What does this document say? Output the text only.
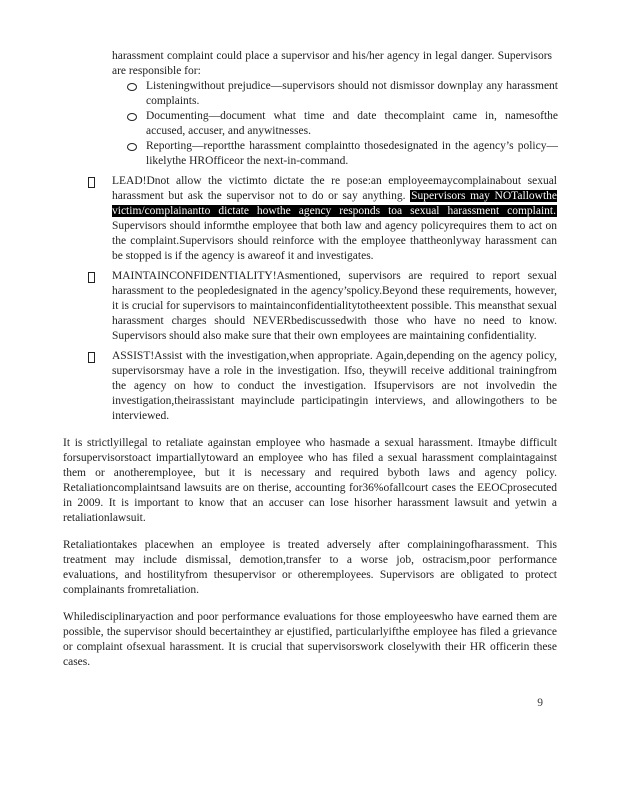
harassment complaint could place a supervisor and his/her agency in legal danger. Supervisors are responsible for:

Listeningwithout prejudice—supervisors should not dismissor downplay any harassment complaints.
Documenting—document what time and date thecomplaint came in, namesofthe accused, accuser, and anywitnesses.
Reporting—reportthe harassment complaintto thosedesignated in the agency’s policy—likelythe HROfficeor the next-in-command.
LEAD!Dnot allow the victimto dictate the re pose:an employeemaycomplainabout sexual harassment but ask the supervisor not to do or say anything. Supervisors may NOTallowthe victim/complainantto dictate howthe agency responds toa sexual harassment complaint. Supervisors should informthe employee that both law and agency policyrequires them to act on the complaint.Supervisors should reinforce with the employee thattheonlyway harassment can be stopped is if the agency is awareof it and investigates.
MAINTAINCONFIDENTIALITY!Asmentioned, supervisors are required to report sexual harassment to the peopledesignated in the agency’spolicy.Beyond these requirements, however, it is crucial for supervisors to maintainconfidentialitytotheextent possible. This meansthat sexual harassment charges should NEVERbediscussedwith those who have no need to know. Supervisors should also make sure that their own employees are maintaining confidentiality.
ASSIST!Assist with the investigation,when appropriate. Again,depending on the agency policy, supervisorsmay have a role in the investigation. Ifso, theywill receive additional trainingfrom the agency on how to conduct the investigation. Ifsupervisors are not involvedin the investigation,theirassistant mayinclude participatingin interviews, and allowingothers to be interviewed.

It is strictlyillegal to retaliate againstan employee who hasmade a sexual harassment. Itmaybe difficult forsupervisorstoact impartiallytoward an employee who has filed a sexual harassment complaintagainst them or anotheremployee, but it is necessary and required byboth laws and agency policy. Retaliationcomplaintsand lawsuits are on therise, accounting for36%ofallcourt cases the EEOCprosecuted in 2009. It is important to know that an accuser can lose hisorher harassment lawsuit and yetwin a retaliationlawsuit.

Retaliationtakes placewhen an employee is treated adversely after complainingofharassment. This treatment may include dismissal, demotion,transfer to a worse job, ostracism,poor performance evaluations, and hostilityfrom thesupervisor or otheremployees. Supervisors are obligated to protect complainants fromretaliation.

Whiledisciplinaryaction and poor performance evaluations for those employeeswho have earned them are possible, the supervisor should becertainthey ar ejustified, particularlyifthe employee has filed a grievance or complaint ofsexual harassment. It is crucial that supervisorswork closelywith their HR officerin these cases.

9
